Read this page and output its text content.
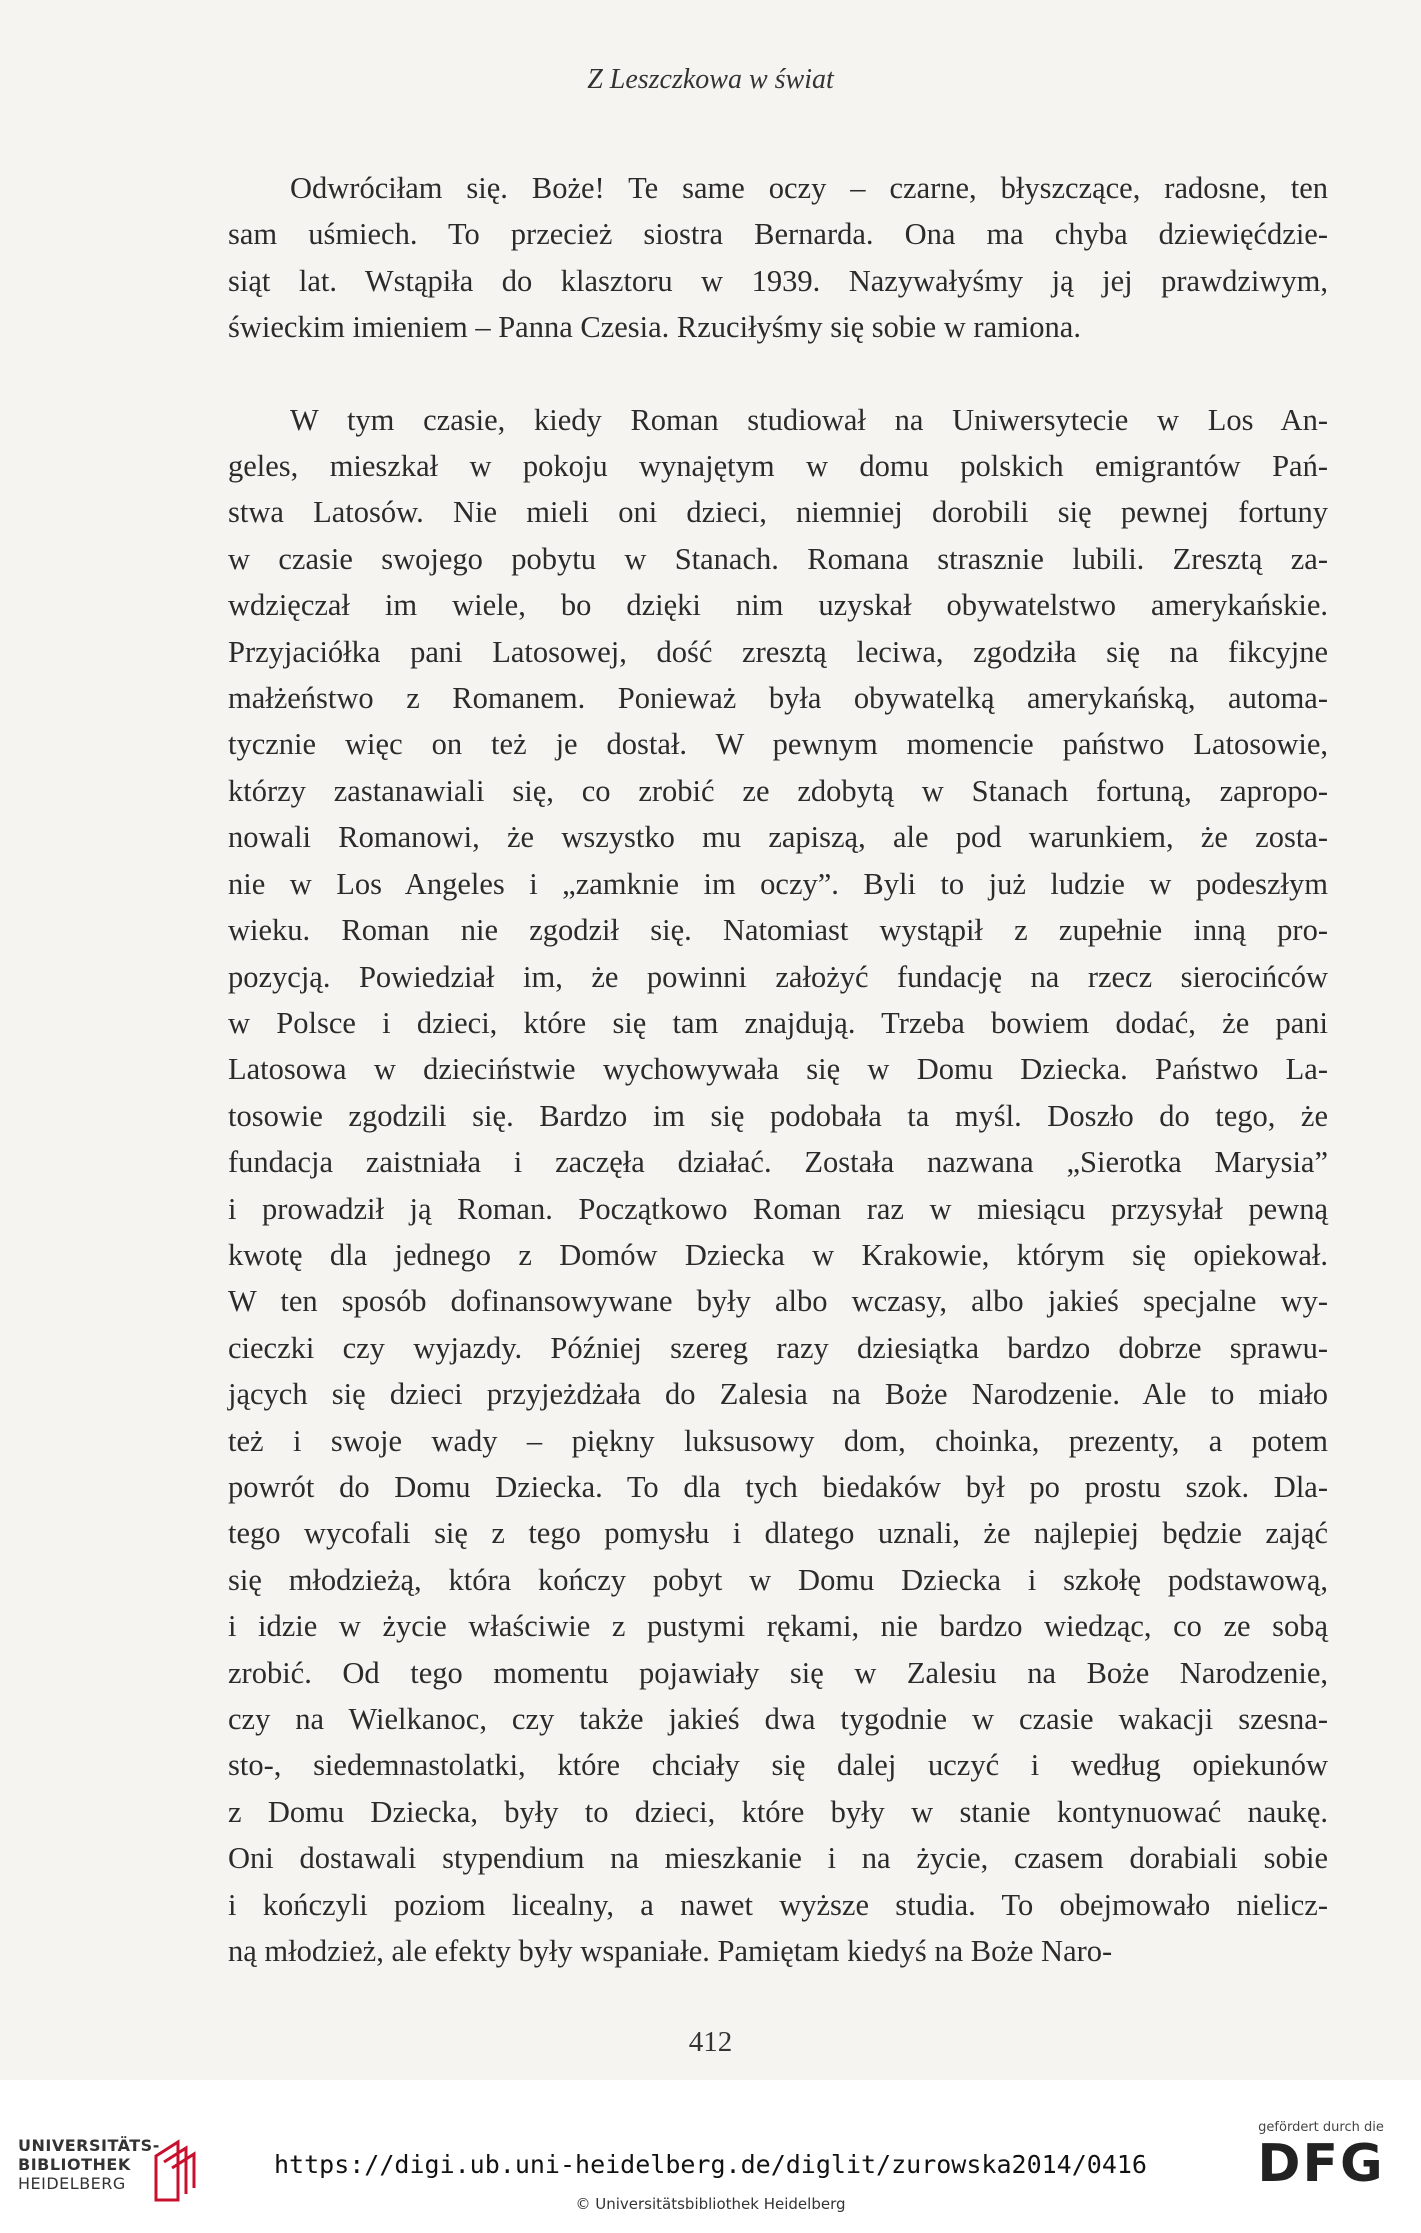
Z Leszczkowa w świat
Odwróciłam się. Boże! Te same oczy – czarne, błyszczące, radosne, ten
sam uśmiech. To przecież siostra Bernarda. Ona ma chyba dziewięćdzie-
siąt lat. Wstąpiła do klasztoru w 1939. Nazywałyśmy ją jej prawdziwym,
świeckim imieniem – Panna Czesia. Rzuciłyśmy się sobie w ramiona.
W tym czasie, kiedy Roman studiował na Uniwersytecie w Los An-
geles, mieszkał w pokoju wynajętym w domu polskich emigrantów Pań-
stwa Latosów. Nie mieli oni dzieci, niemniej dorobili się pewnej fortuny
w czasie swojego pobytu w Stanach. Romana strasznie lubili. Zresztą za-
wdzięczał im wiele, bo dzięki nim uzyskał obywatelstwo amerykańskie.
Przyjaciółka pani Latosowej, dość zresztą leciwa, zgodziła się na fikcyjne
małżeństwo z Romanem. Ponieważ była obywatelką amerykańską, automa-
tycznie więc on też je dostał. W pewnym momencie państwo Latosowie,
którzy zastanawiali się, co zrobić ze zdobytą w Stanach fortuną, zapropo-
nowali Romanowi, że wszystko mu zapiszą, ale pod warunkiem, że zosta-
nie w Los Angeles i „zamknie im oczy”. Byli to już ludzie w podeszłym
wieku. Roman nie zgodził się. Natomiast wystąpił z zupełnie inną pro-
pozycją. Powiedział im, że powinni założyć fundację na rzecz sierocińców
w Polsce i dzieci, które się tam znajdują. Trzeba bowiem dodać, że pani
Latosowa w dzieciństwie wychowywała się w Domu Dziecka. Państwo La-
tosowie zgodzili się. Bardzo im się podobała ta myśl. Doszło do tego, że
fundacja zaistniała i zaczęła działać. Została nazwana „Sierotka Marysia”
i prowadził ją Roman. Początkowo Roman raz w miesiącu przysyłał pewną
kwotę dla jednego z Domów Dziecka w Krakowie, którym się opiekował.
W ten sposób dofinansowywane były albo wczasy, albo jakieś specjalne wy-
cieczki czy wyjazdy. Później szereg razy dziesiątka bardzo dobrze sprawu-
jących się dzieci przyjeżdżała do Zalesia na Boże Narodzenie. Ale to miało
też i swoje wady – piękny luksusowy dom, choinka, prezenty, a potem
powrót do Domu Dziecka. To dla tych biedaków był po prostu szok. Dla-
tego wycofali się z tego pomysłu i dlatego uznali, że najlepiej będzie zająć
się młodzieżą, która kończy pobyt w Domu Dziecka i szkołę podstawową,
i idzie w życie właściwie z pustymi rękami, nie bardzo wiedząc, co ze sobą
zrobić. Od tego momentu pojawiały się w Zalesiu na Boże Narodzenie,
czy na Wielkanoc, czy także jakieś dwa tygodnie w czasie wakacji szesna-
sto-, siedemnastolatki, które chciały się dalej uczyć i według opiekunów
z Domu Dziecka, były to dzieci, które były w stanie kontynuować naukę.
Oni dostawali stypendium na mieszkanie i na życie, czasem dorabiali sobie
i kończyli poziom licealny, a nawet wyższe studia. To obejmowało nielicz-
ną młodzież, ale efekty były wspaniałe. Pamiętam kiedyś na Boże Naro-
412
UNIVERSITÄTS-
BIBLIOTHEK
HEIDELBERG
https://digi.ub.uni-heidelberg.de/diglit/zurowska2014/0416
© Universitätsbibliothek Heidelberg
gefördert durch die
DFG
